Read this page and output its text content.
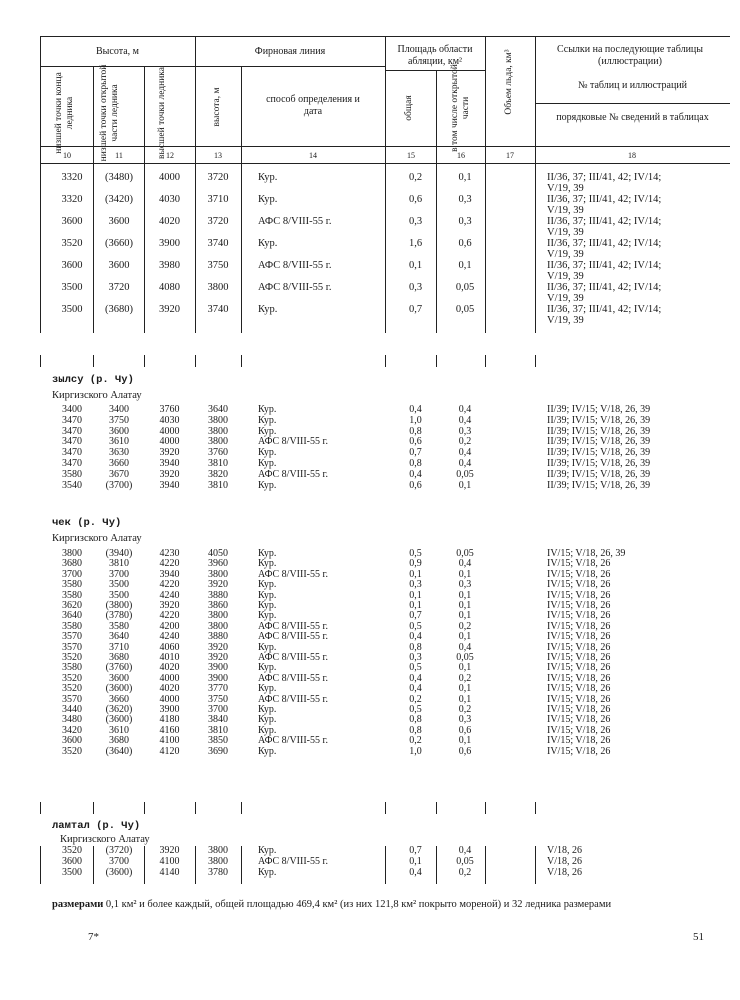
Высота, м
низшей точки конца ледника	низшей точки открытой части ледника	высшей точки ледника
Фирновая линия
высота, м	способ определения и дата
Площадь области абляции, км²
общая	в том числе открытой части	Объем льда, км³	Ссылки на последующие таблицы (иллюстрации)
№ таблиц и иллюстраций
порядковые № сведений в таблицах
10	11	12	13	14	15	16	17	18
3320	(3480)	4000	3720	Кур.	0,2	0,1	II/36, 37; III/41, 42; IV/14;
V/19, 39
3320	(3420)	4030	3710	Кур.	0,6	0,3	II/36, 37; III/41, 42; IV/14;
V/19, 39
3600	3600	4020	3720	АФС 8/VIII-55 г.	0,3	0,3	II/36, 37; III/41, 42; IV/14;
V/19, 39
3520	(3660)	3900	3740	Кур.	1,6	0,6	II/36, 37; III/41, 42; IV/14;
V/19, 39
3600	3600	3980	3750	АФС 8/VIII-55 г.	0,1	0,1	II/36, 37; III/41, 42; IV/14;
V/19, 39
3500	3720	4080	3800	АФС 8/VIII-55 г.	0,3	0,05	II/36, 37; III/41, 42; IV/14;
V/19, 39
3500	(3680)	3920	3740	Кур.	0,7	0,05	II/36, 37; III/41, 42; IV/14;
V/19, 39
зылсу (р. Чу)
Киргизского Алатау
3400	3400	3760	3640	Кур.	0,4	0,4	II/39; IV/15; V/18, 26, 39
3470	3750	4030	3800	Кур.	1,0	0,4	II/39; IV/15; V/18, 26, 39
3470	3600	4000	3800	Кур.	0,8	0,3	II/39; IV/15; V/18, 26, 39
3470	3610	4000	3800	АФС 8/VIII-55 г.	0,6	0,2	II/39; IV/15; V/18, 26, 39
3470	3630	3920	3760	Кур.	0,7	0,4	II/39; IV/15; V/18, 26, 39
3470	3660	3940	3810	Кур.	0,8	0,4	II/39; IV/15; V/18, 26, 39
3580	3670	3920	3820	АФС 8/VIII-55 г.	0,4	0,05	II/39; IV/15; V/18, 26, 39
3540	(3700)	3940	3810	Кур.	0,6	0,1	II/39; IV/15; V/18, 26, 39
чек (р. Чу)
Киргизского Алатау
3800	(3940)	4230	4050	Кур.	0,5	0,05	IV/15; V/18, 26, 39
3680	3810	4220	3960	Кур.	0,9	0,4	IV/15; V/18, 26
3700	3700	3940	3800	АФС 8/VIII-55 г.	0,1	0,1	IV/15; V/18, 26
3580	3500	4220	3920	Кур.	0,3	0,3	IV/15; V/18, 26
3580	3500	4240	3880	Кур.	0,1	0,1	IV/15; V/18, 26
3620	(3800)	3920	3860	Кур.	0,1	0,1	IV/15; V/18, 26
3640	(3780)	4220	3800	Кур.	0,7	0,1	IV/15; V/18, 26
3580	3580	4200	3800	АФС 8/VIII-55 г.	0,5	0,2	IV/15; V/18, 26
3570	3640	4240	3880	АФС 8/VIII-55 г.	0,4	0,1	IV/15; V/18, 26
3570	3710	4060	3920	Кур.	0,8	0,4	IV/15; V/18, 26
3520	3680	4010	3920	АФС 8/VIII-55 г.	0,3	0,05	IV/15; V/18, 26
3580	(3760)	4020	3900	Кур.	0,5	0,1	IV/15; V/18, 26
3520	3600	4000	3900	АФС 8/VIII-55 г.	0,4	0,2	IV/15; V/18, 26
3520	(3600)	4020	3770	Кур.	0,4	0,1	IV/15; V/18, 26
3570	3660	4000	3750	АФС 8/VIII-55 г.	0,2	0,1	IV/15; V/18, 26
3440	(3620)	3900	3700	Кур.	0,5	0,2	IV/15; V/18, 26
3480	(3600)	4180	3840	Кур.	0,8	0,3	IV/15; V/18, 26
3420	3610	4160	3810	Кур.	0,8	0,6	IV/15; V/18, 26
3600	3680	4100	3850	АФС 8/VIII-55 г.	0,2	0,1	IV/15; V/18, 26
3520	(3640)	4120	3690	Кур.	1,0	0,6	IV/15; V/18, 26
ламтал (р. Чу)
Киргизского Алатау
3520	(3720)	3920	3800	Кур.	0,7	0,4	V/18, 26
3600	3700	4100	3800	АФС 8/VIII-55 г.	0,1	0,05	V/18, 26
3500	(3600)	4140	3780	Кур.	0,4	0,2	V/18, 26
размерами 0,1 км² и более каждый, общей площадью 469,4 км² (из них 121,8 км² покрыто мореной) и 32 ледника размерами
7*	51
